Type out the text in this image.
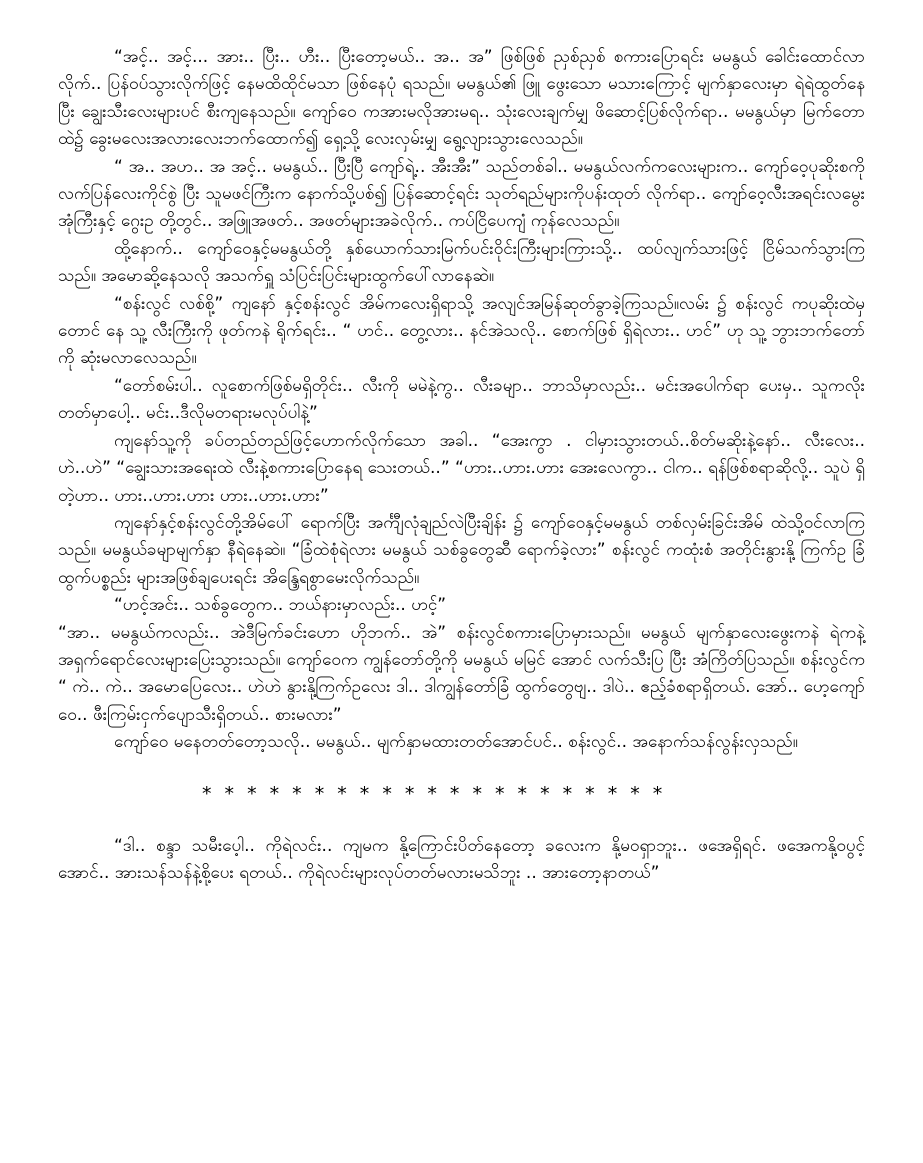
“အင့်.. အင့်... အား.. ပြီး.. ဟီး.. ပြီးတော့မယ်.. အ.. အ” ဖြစ်ဖြစ် ညှစ်ညှစ် စကားပြောရင်း မမနွယ် ခေါင်းထောင်လာလိုက်.. ပြန်ဝပ်သွားလိုက်ဖြင့် နေမထိထိုင်မသာ ဖြစ်နေပုံ ရသည်။ မမနွယ်၏ ဖြူ ဖွေးသော မသားကြောင့် မျက်နှာလေးမှာ ရဲရဲထွတ်နေပြီး ချွေးသီးလေးများပင် စီးကျနေသည်။ ကျော်ဝေ ကအားမလိုအားမရ.. သုံးလေးချက်မျှ ဖိဆောင့်ပြစ်လိုက်ရာ.. မမနွယ်မှာ မြက်တောထဲ၌ ခွေးမလေးအလားလေးဘက်ထောက်၍ ရှေ့သို့ လေးလှမ်းမျှ ရွေ့လျားသွားလေသည်။

“ အ.. အဟ.. အ အင့်.. မမနွယ်.. ပြီးပြီ ကျော်ရဲ့.. အီးအီး” သည်တစ်ခါ.. မမနွယ်လက်ကလေးများက.. ကျော်ဝေ့ပုဆိုးစကိုလက်ပြန်လေးကိုင်စွဲ ပြီး သူမဖင်ကြီးက နောက်သို့ပစ်၍ ပြန်ဆောင့်ရင်း သုတ်ရည်များကိုပန်းထုတ် လိုက်ရာ.. ကျော်ဝေ့လီးအရင်းလမွေးအုံကြီးနှင့် ဂွေးဥ တို့တွင်.. အဖြူအဖတ်.. အဖတ်များအခဲလိုက်.. ကပ်ငြိပေကျံ ကုန်လေသည်။

ထို့နောက်.. ကျော်ဝေနှင့်မမနွယ်တို့ နှစ်ယောက်သားမြက်ပင်းဝိုင်းကြီးများကြားသို့.. ထပ်လျက်သားဖြင့် ငြိမ်သက်သွားကြသည်။ အမောဆို့နေသလို အသက်ရှူ သံပြင်းပြင်းများထွက်ပေါ်လာနေဆဲ။

“စန်းလွင် လစ်စို့” ကျနော် နှင့်စန်းလွင် အိမ်ကလေးရှိရာသို့ အလျင်အမြန်ဆုတ်ခွာခဲ့ကြသည်။လမ်း ၌ စန်းလွင် ကပုဆိုးထဲမှ တောင် နေ သူ့ လီးကြီးကို ဖုတ်ကနဲ ရိုက်ရင်း.. “ ဟင်.. တွေ့လား.. နင်အဲသလို.. စောက်ဖြစ် ရှိရဲလား.. ဟင်” ဟု သူ့ ဘွားဘက်တော်ကို ဆုံးမလာလေသည်။

“တော်စမ်းပါ.. လူစောက်ဖြစ်မရှိတိုင်း.. လီးကို မမဲနဲ့ကွ.. လီးခမျာ.. ဘာသိမှာလည်း.. မင်းအပေါက်ရာ ပေးမှ.. သူကလိုးတတ်မှာပေါ့.. မင်း..ဒီလိုမတရားမလုပ်ပါနဲ့”

ကျနော်သူ့ကို ခပ်တည်တည်ဖြင့်ဟောက်လိုက်သော အခါ.. “အေးကွာ . ငါမှားသွားတယ်..စိတ်မဆိုးနဲ့နော်.. လီးလေး.. ဟဲ..ဟဲ” “ချွေးသားအရေးထဲ လီးနဲ့စကားပြောနေရ သေးတယ်..” “ဟား..ဟား.ဟား အေးလေကွာ.. ငါက.. ရန်ဖြစ်စရာဆိုလို့.. သူပဲ ရှိတဲ့ဟာ.. ဟား..ဟား.ဟား ဟား..ဟား.ဟား”

ကျနော်နှင့်စန်းလွင်တို့အိမ်ပေါ် ရောက်ပြီး အင်္ကျီလုံချည်လဲပြီးချိန်း ၌ ကျော်ဝေနှင့်မမနွယ် တစ်လှမ်းခြင်းအိမ် ထဲသို့ဝင်လာကြသည်။ မမနွယ်ခမျာမျက်နှာ နီရဲနေဆဲ။ “ခြံထဲစုံရဲလား မမနွယ် သစ်ခွတွေဆီ ရောက်ခဲ့လား” စန်းလွင် ကထုံးစံ အတိုင်းနွားနို့ ကြက်ဥ ခြံထွက်ပစ္စည်း များအဖြစ်ချပေးရင်း အိန္ဒြေရစွာမေးလိုက်သည်။

“ဟင့်အင်း.. သစ်ခွတွေက.. ဘယ်နားမှာလည်း.. ဟင့်”

“အာ.. မမနွယ်ကလည်း.. အဲဒီမြက်ခင်းဟော ဟိုဘက်.. အဲ” စန်းလွင်စကားပြောမှားသည်။ မမနွယ် မျက်နှာလေးဖွေးကနဲ ရဲကနဲ့ အရှက်ရောင်လေးများပြေးသွားသည်။ ကျော်ဝေက ကျွန်တော်တို့ကို မမနွယ် မမြင် အောင် လက်သီးပြ ပြီး အံကြိတ်ပြသည်။ စန်းလွင်က “ ကဲ.. ကဲ.. အမောပြေလေး.. ဟဲဟဲ နွားနို့ကြက်ဥလေး ဒါ.. ဒါကျွန်တော်ခြံ ထွက်တွေဗျ.. ဒါပဲ.. ဧည့်ခံစရာရှိတယ်. အော်.. ဟေ့ကျော်ဝေ.. ဖီးကြမ်းငှက်ပျောသီးရှိတယ်.. စားမလား”

ကျော်ဝေ မနေတတ်တော့သလို.. မမနွယ်.. မျက်နှာမထားတတ်အောင်ပင်.. စန်းလွင်.. အနောက်သန်လွန်းလှသည်။

* * * * * * * * * * * * * * * * * * * * *

“ဒါ.. စန္ဒာ သမီးပေ့ါ.. ကိုရဲလင်း.. ကျမက နို့ကြောင်းပိတ်နေတော့ ခလေးက နို့မဝရှာဘူး.. ဖအေရှိရင်. ဖအေကနို့ဝပွင့်အောင်.. အားသန်သန်နဲ့စို့ပေး ရတယ်.. ကိုရဲလင်းများလုပ်တတ်မလားမသိဘူး .. အားတော့နာတယ်”
